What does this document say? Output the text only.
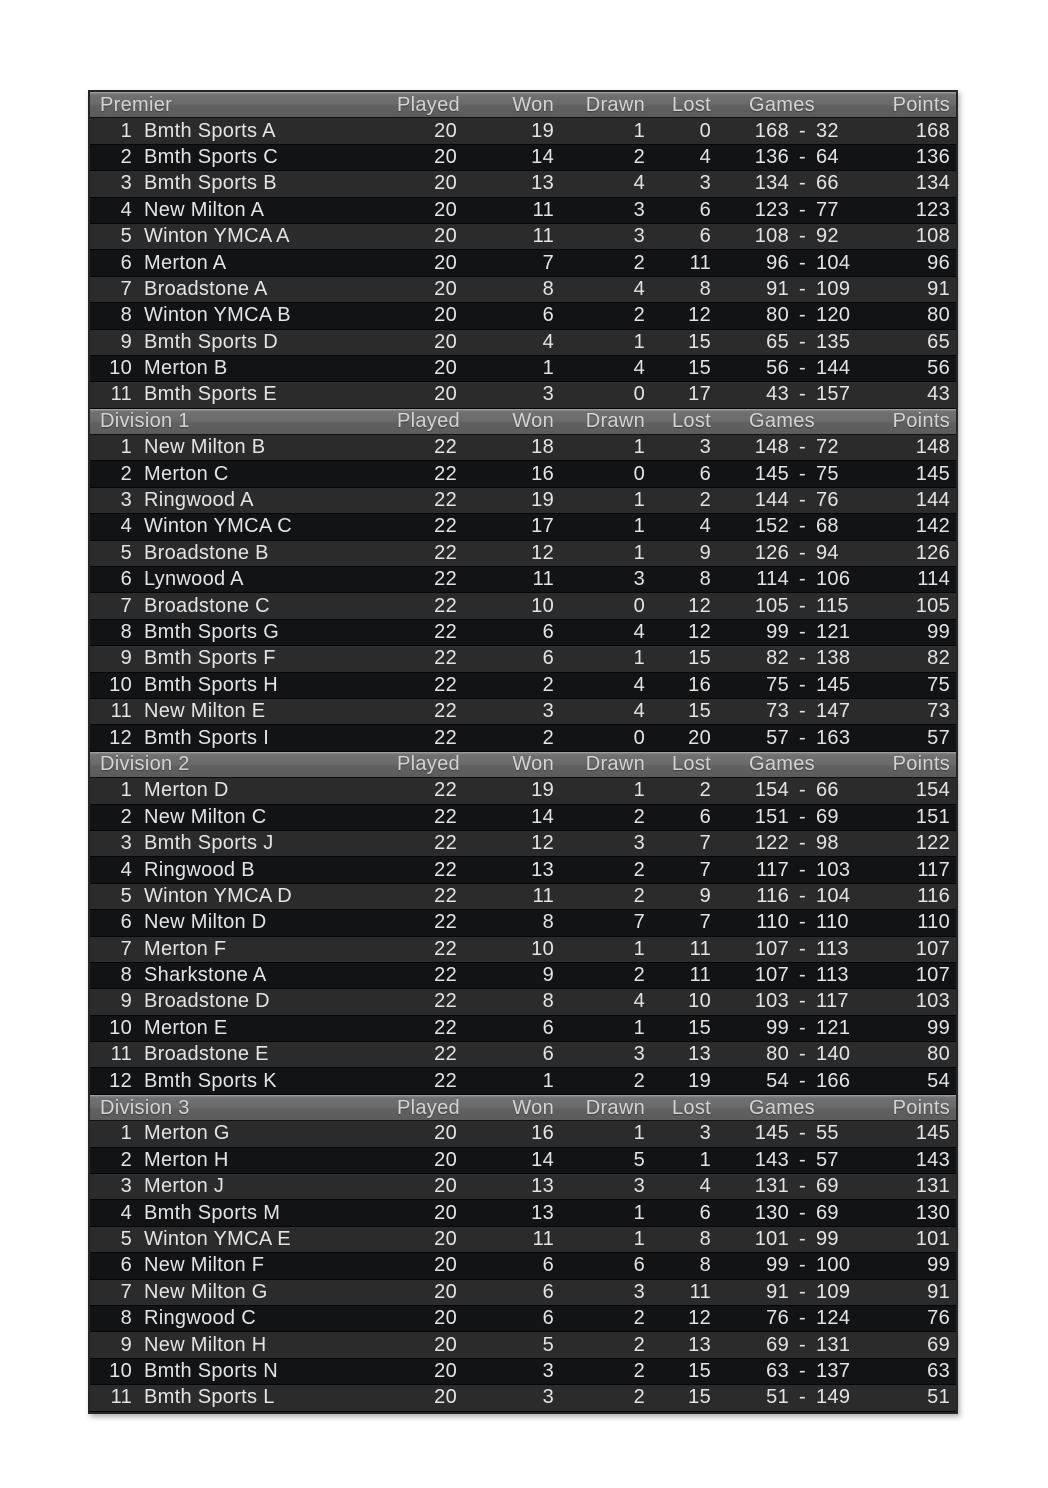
Premier	Played	Won	Drawn	Lost	Games	Points
1 Bmth Sports A	20	19	1	0	168 - 32	168
2 Bmth Sports C	20	14	2	4	136 - 64	136
3 Bmth Sports B	20	13	4	3	134 - 66	134
4 New Milton A	20	11	3	6	123 - 77	123
5 Winton YMCA A	20	11	3	6	108 - 92	108
6 Merton A	20	7	2	11	96 - 104	96
7 Broadstone A	20	8	4	8	91 - 109	91
8 Winton YMCA B	20	6	2	12	80 - 120	80
9 Bmth Sports D	20	4	1	15	65 - 135	65
10 Merton B	20	1	4	15	56 - 144	56
11 Bmth Sports E	20	3	0	17	43 - 157	43
Division 1	Played	Won	Drawn	Lost	Games	Points
1 New Milton B	22	18	1	3	148 - 72	148
2 Merton C	22	16	0	6	145 - 75	145
3 Ringwood A	22	19	1	2	144 - 76	144
4 Winton YMCA C	22	17	1	4	152 - 68	142
5 Broadstone B	22	12	1	9	126 - 94	126
6 Lynwood A	22	11	3	8	114 - 106	114
7 Broadstone C	22	10	0	12	105 - 115	105
8 Bmth Sports G	22	6	4	12	99 - 121	99
9 Bmth Sports F	22	6	1	15	82 - 138	82
10 Bmth Sports H	22	2	4	16	75 - 145	75
11 New Milton E	22	3	4	15	73 - 147	73
12 Bmth Sports I	22	2	0	20	57 - 163	57
Division 2	Played	Won	Drawn	Lost	Games	Points
1 Merton D	22	19	1	2	154 - 66	154
2 New Milton C	22	14	2	6	151 - 69	151
3 Bmth Sports J	22	12	3	7	122 - 98	122
4 Ringwood B	22	13	2	7	117 - 103	117
5 Winton YMCA D	22	11	2	9	116 - 104	116
6 New Milton D	22	8	7	7	110 - 110	110
7 Merton F	22	10	1	11	107 - 113	107
8 Sharkstone A	22	9	2	11	107 - 113	107
9 Broadstone D	22	8	4	10	103 - 117	103
10 Merton E	22	6	1	15	99 - 121	99
11 Broadstone E	22	6	3	13	80 - 140	80
12 Bmth Sports K	22	1	2	19	54 - 166	54
Division 3	Played	Won	Drawn	Lost	Games	Points
1 Merton G	20	16	1	3	145 - 55	145
2 Merton H	20	14	5	1	143 - 57	143
3 Merton J	20	13	3	4	131 - 69	131
4 Bmth Sports M	20	13	1	6	130 - 69	130
5 Winton YMCA E	20	11	1	8	101 - 99	101
6 New Milton F	20	6	6	8	99 - 100	99
7 New Milton G	20	6	3	11	91 - 109	91
8 Ringwood C	20	6	2	12	76 - 124	76
9 New Milton H	20	5	2	13	69 - 131	69
10 Bmth Sports N	20	3	2	15	63 - 137	63
11 Bmth Sports L	20	3	2	15	51 - 149	51
